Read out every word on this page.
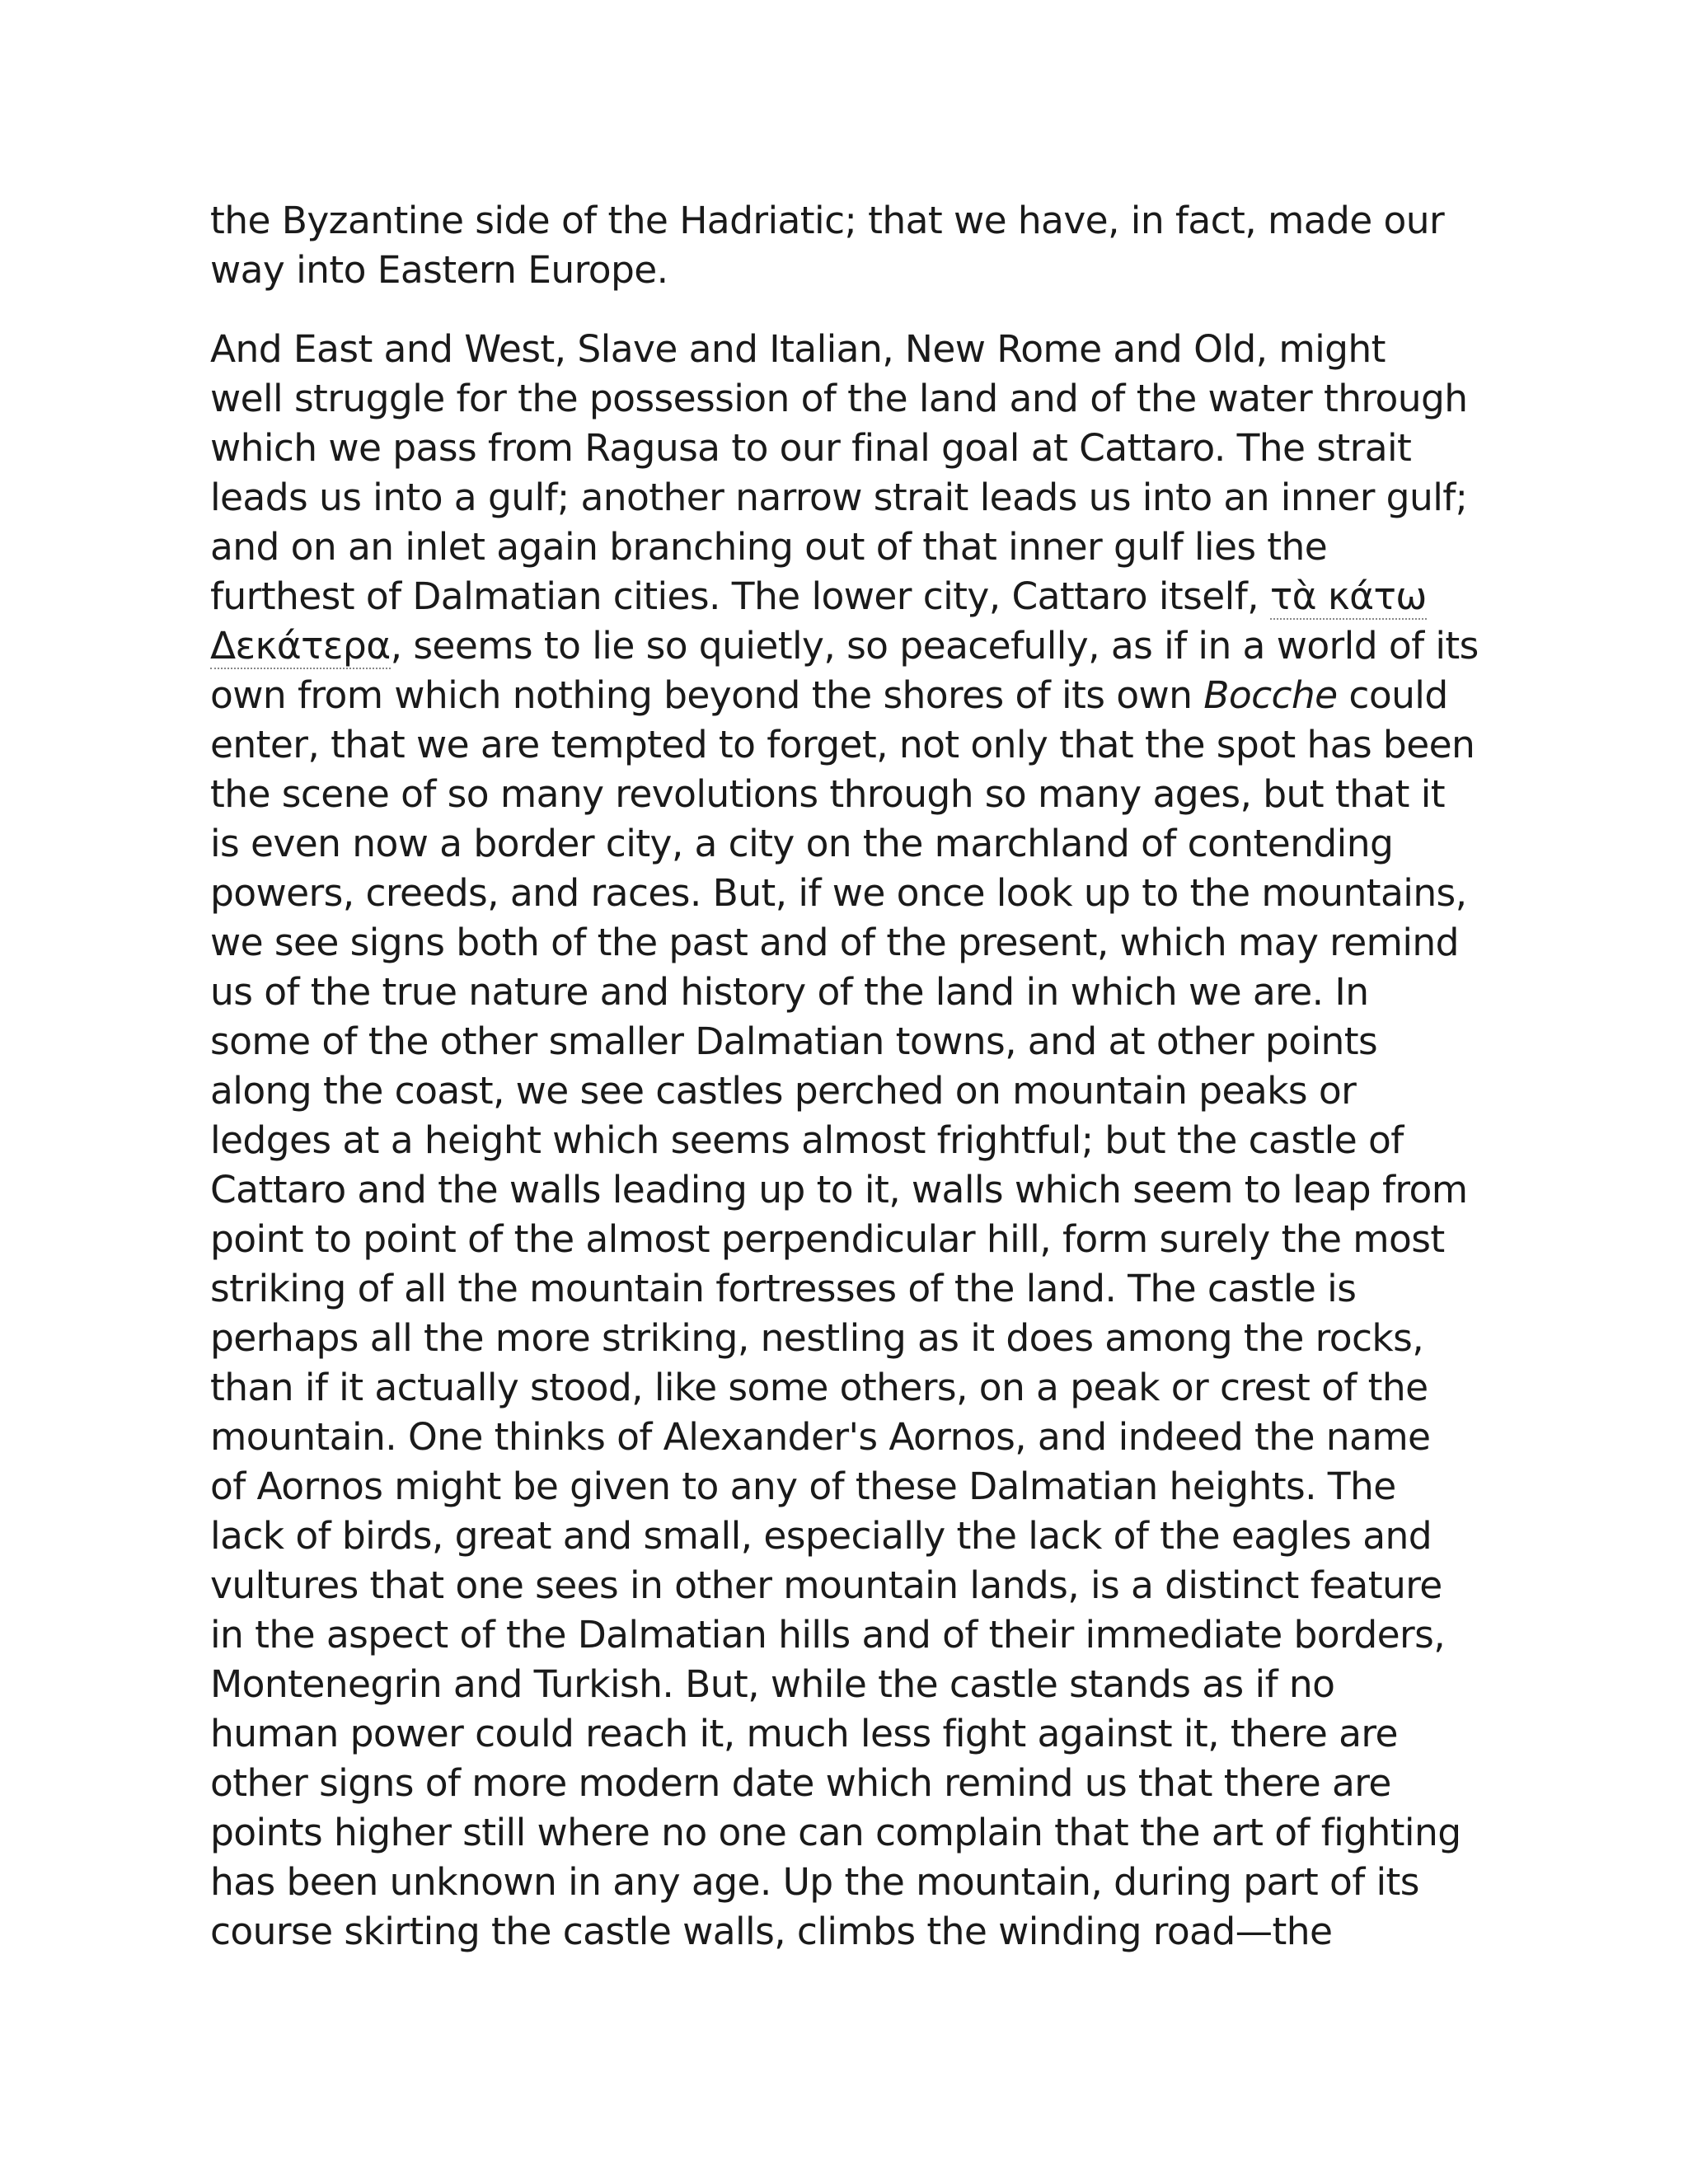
the Byzantine side of the Hadriatic; that we have, in fact, made our
way into Eastern Europe.
And East and West, Slave and Italian, New Rome and Old, might
well struggle for the possession of the land and of the water through
which we pass from Ragusa to our final goal at Cattaro. The strait
leads us into a gulf; another narrow strait leads us into an inner gulf;
and on an inlet again branching out of that inner gulf lies the
furthest of Dalmatian cities. The lower city, Cattaro itself, τὰ κάτω
Δεκάτερα, seems to lie so quietly, so peacefully, as if in a world of its
own from which nothing beyond the shores of its own Bocche could
enter, that we are tempted to forget, not only that the spot has been
the scene of so many revolutions through so many ages, but that it
is even now a border city, a city on the marchland of contending
powers, creeds, and races. But, if we once look up to the mountains,
we see signs both of the past and of the present, which may remind
us of the true nature and history of the land in which we are. In
some of the other smaller Dalmatian towns, and at other points
along the coast, we see castles perched on mountain peaks or
ledges at a height which seems almost frightful; but the castle of
Cattaro and the walls leading up to it, walls which seem to leap from
point to point of the almost perpendicular hill, form surely the most
striking of all the mountain fortresses of the land. The castle is
perhaps all the more striking, nestling as it does among the rocks,
than if it actually stood, like some others, on a peak or crest of the
mountain. One thinks of Alexander's Aornos, and indeed the name
of Aornos might be given to any of these Dalmatian heights. The
lack of birds, great and small, especially the lack of the eagles and
vultures that one sees in other mountain lands, is a distinct feature
in the aspect of the Dalmatian hills and of their immediate borders,
Montenegrin and Turkish. But, while the castle stands as if no
human power could reach it, much less fight against it, there are
other signs of more modern date which remind us that there are
points higher still where no one can complain that the art of fighting
has been unknown in any age. Up the mountain, during part of its
course skirting the castle walls, climbs the winding road—the
